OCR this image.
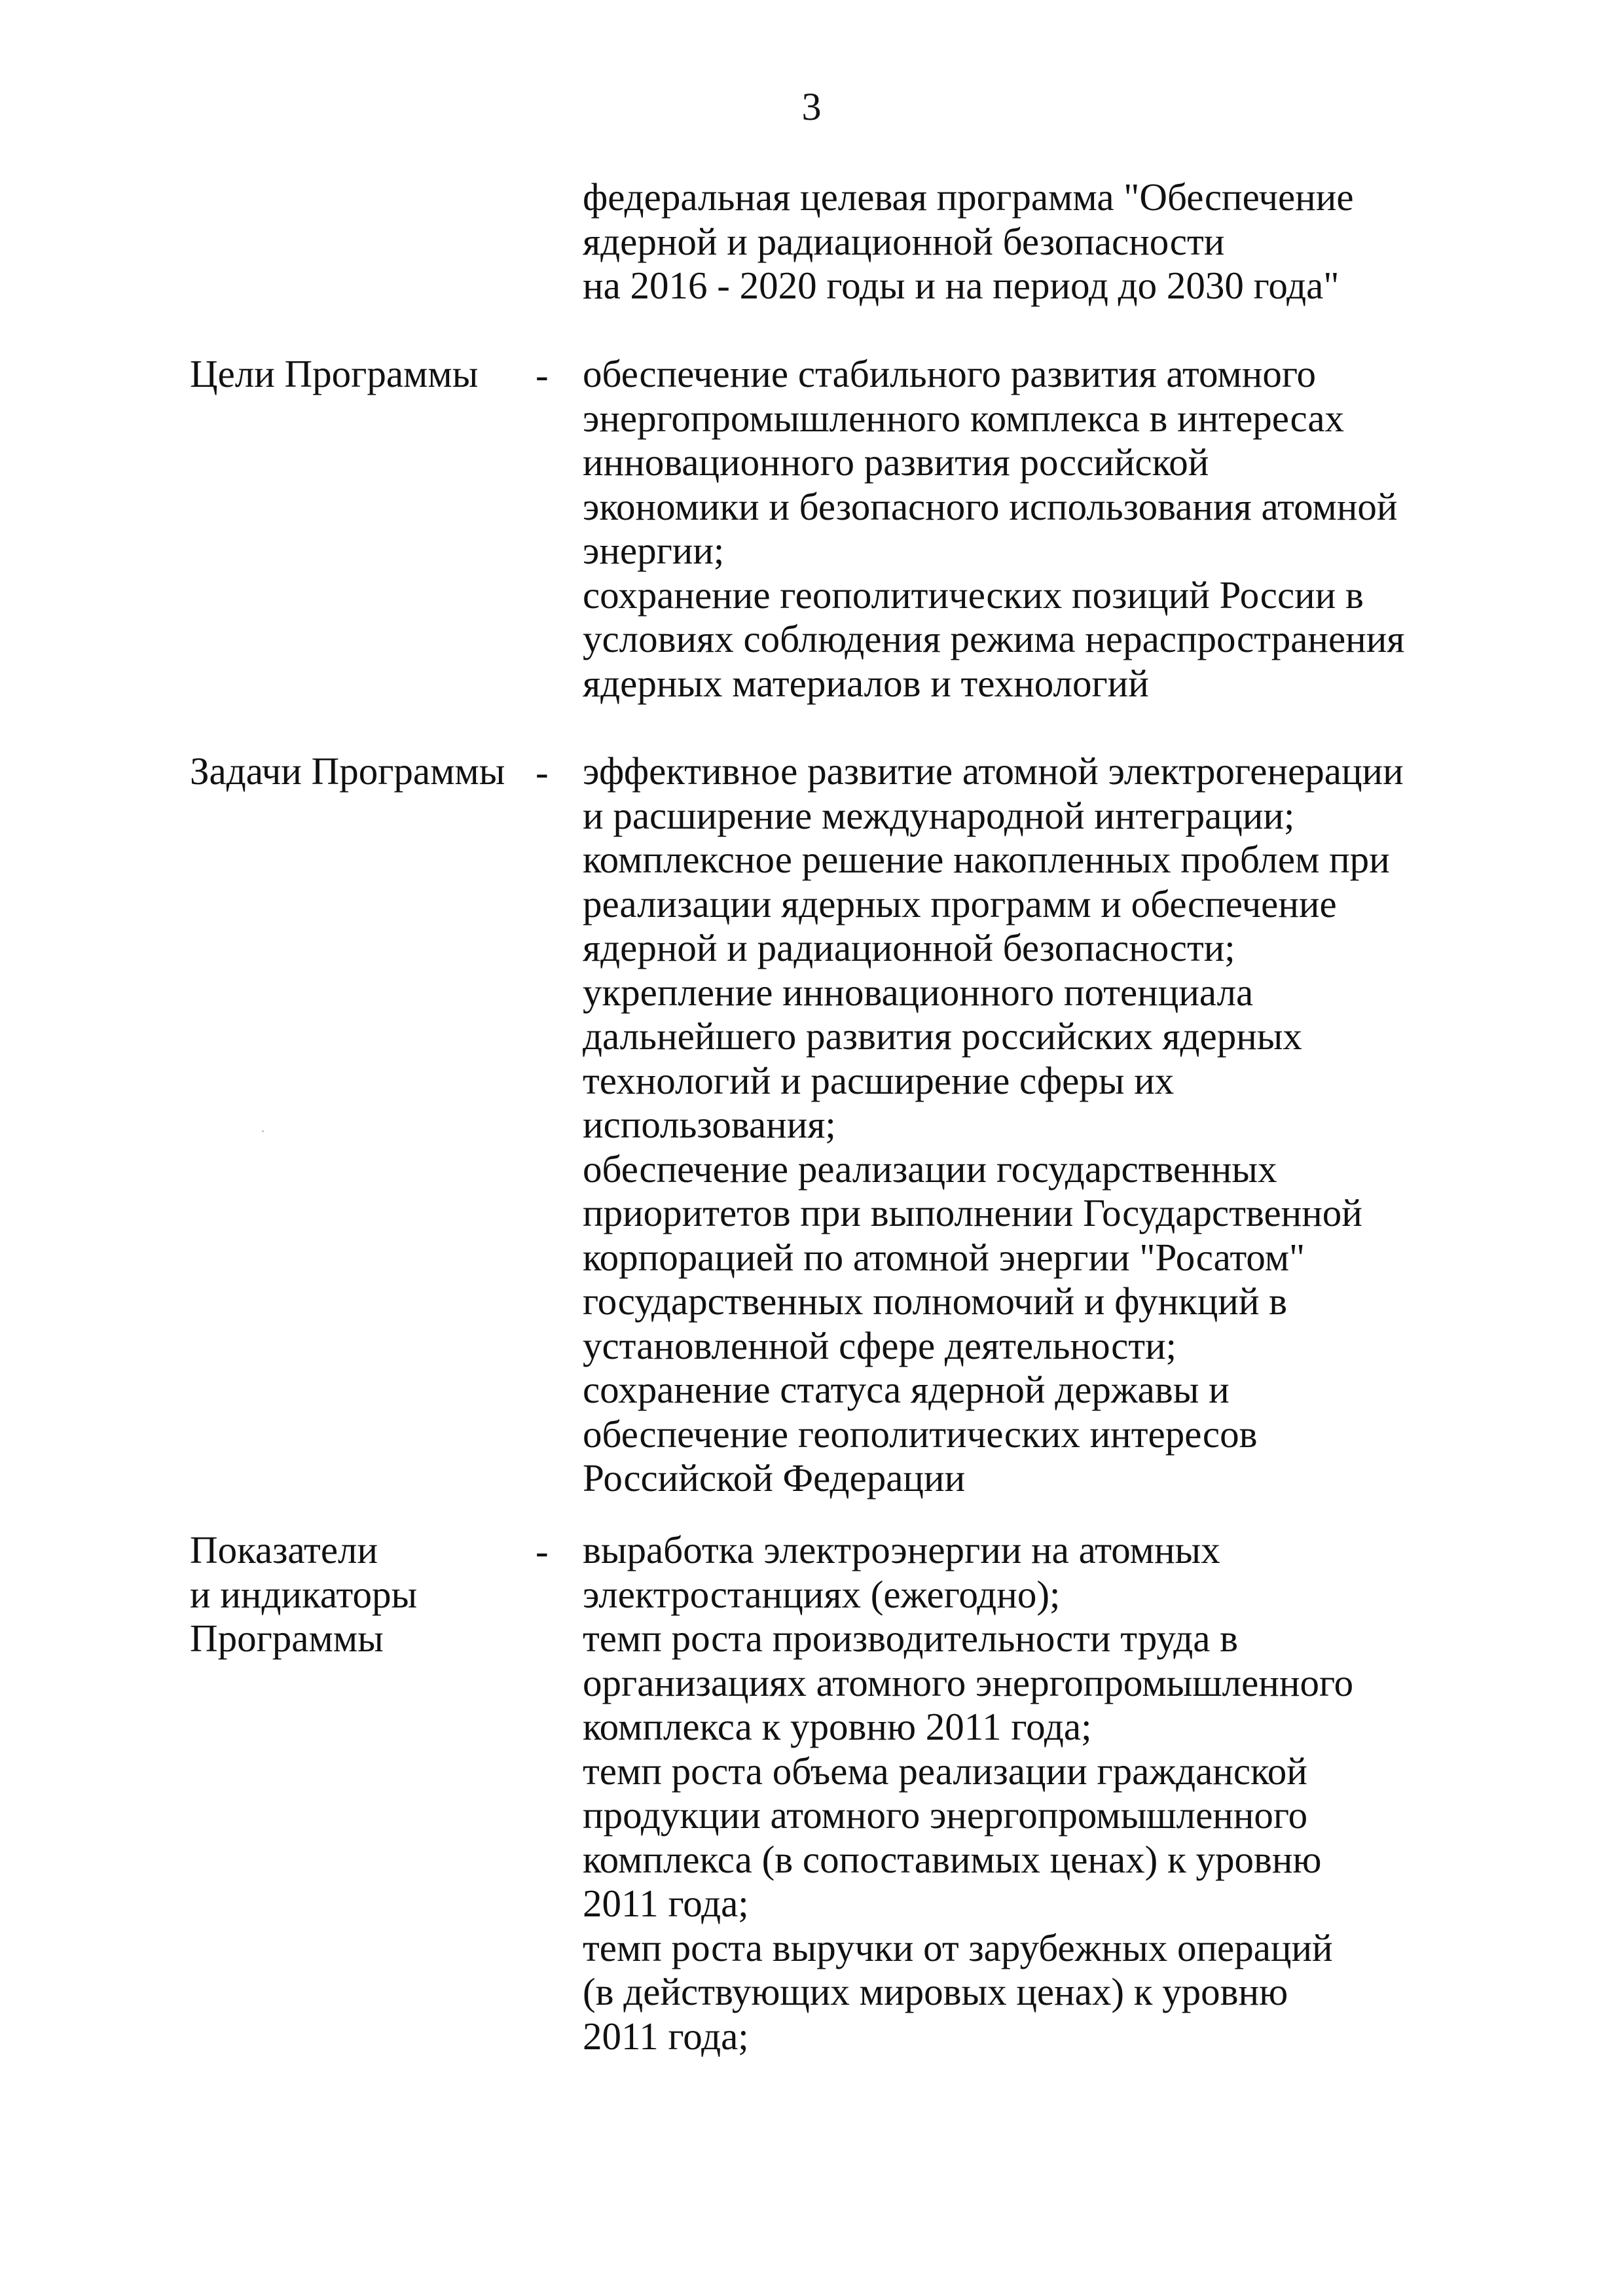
3
федеральная целевая программа "Обеспечение
ядерной и радиационной безопасности
на 2016 - 2020 годы и на период до 2030 года"
Цели Программы - обеспечение стабильного развития атомного
энергопромышленного комплекса в интересах
инновационного развития российской
экономики и безопасного использования атомной
энергии;
сохранение геополитических позиций России в
условиях соблюдения режима нераспространения
ядерных материалов и технологий
Задачи Программы - эффективное развитие атомной электрогенерации
и расширение международной интеграции;
комплексное решение накопленных проблем при
реализации ядерных программ и обеспечение
ядерной и радиационной безопасности;
укрепление инновационного потенциала
дальнейшего развития российских ядерных
технологий и расширение сферы их
использования;
обеспечение реализации государственных
приоритетов при выполнении Государственной
корпорацией по атомной энергии "Росатом"
государственных полномочий и функций в
установленной сфере деятельности;
сохранение статуса ядерной державы и
обеспечение геополитических интересов
Российской Федерации
Показатели
и индикаторы
Программы
- выработка электроэнергии на атомных
электростанциях (ежегодно);
темп роста производительности труда в
организациях атомного энергопромышленного
комплекса к уровню 2011 года;
темп роста объема реализации гражданской
продукции атомного энергопромышленного
комплекса (в сопоставимых ценах) к уровню
2011 года;
темп роста выручки от зарубежных операций
(в действующих мировых ценах) к уровню
2011 года;
